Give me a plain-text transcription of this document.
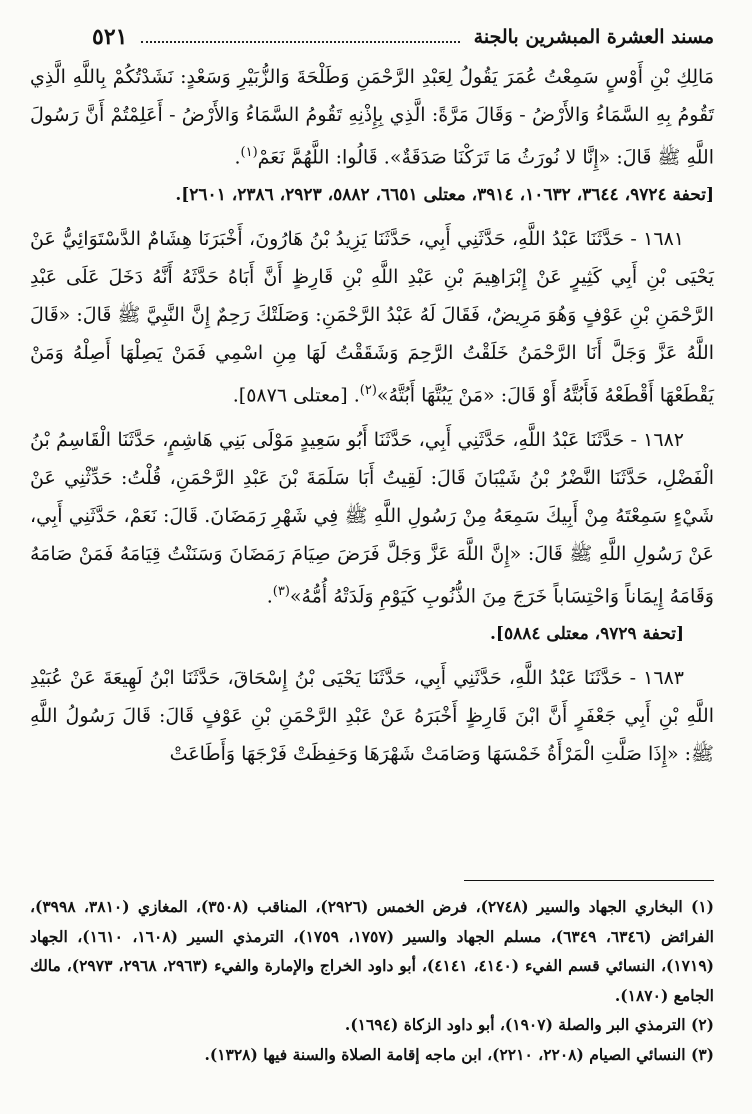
مسند العشرة المبشرين بالجنة
٥٢١

مَالِكِ بْنِ أَوْسٍ سَمِعْتُ عُمَرَ يَقُولُ لِعَبْدِ الرَّحْمَنِ وَطَلْحَةَ وَالزُّبَيْرِ وَسَعْدٍ: نَشَدْتُكُمْ بِاللَّهِ الَّذِي تَقُومُ بِهِ السَّمَاءُ وَالأَرْضُ - وَقَالَ مَرَّةً: الَّذِي بِإِذْنِهِ تَقُومُ السَّمَاءُ وَالأَرْضُ - أَعَلِمْتُمْ أَنَّ رَسُولَ اللَّهِ ﷺ قَالَ: «إِنَّا لا نُورَثُ مَا تَرَكْنَا صَدَقَةٌ». قَالُوا: اللَّهُمَّ نَعَمْ$^{(١)}$.
[تحفة ٩٧٢٤، ٣٦٤٤، ١٠٦٣٢، ٣٩١٤، معتلى ٦٦٥١، ٥٨٨٢، ٢٩٢٣، ٢٣٨٦، ٢٦٠١].

١٦٨١ - حَدَّثَنَا عَبْدُ اللَّهِ، حَدَّثَنِي أَبِي، حَدَّثَنَا يَزِيدُ بْنُ هَارُونَ، أَخْبَرَنَا هِشَامٌ الدَّسْتَوَائِيُّ عَنْ يَحْيَى بْنِ أَبِي كَثِيرٍ عَنْ إِبْرَاهِيمَ بْنِ عَبْدِ اللَّهِ بْنِ قَارِظٍ أَنَّ أَبَاهُ حَدَّثَهُ أَنَّهُ دَخَلَ عَلَى عَبْدِ الرَّحْمَنِ بْنِ عَوْفٍ وَهُوَ مَرِيضٌ، فَقَالَ لَهُ عَبْدُ الرَّحْمَنِ: وَصَلَتْكَ رَحِمٌ إِنَّ النَّبِيَّ ﷺ قَالَ: «قَالَ اللَّهُ عَزَّ وَجَلَّ أَنَا الرَّحْمَنُ خَلَقْتُ الرَّحِمَ وَشَقَقْتُ لَهَا مِنِ اسْمِي فَمَنْ يَصِلْهَا أَصِلْهُ وَمَنْ يَقْطَعْهَا أَقْطَعْهُ فَأَبُتَّهُ أَوْ قَالَ: «مَنْ يَبُتَّهَا أَبُتَّهُ»$^{(٢)}$. [معتلى ٥٨٧٦].

١٦٨٢ - حَدَّثَنَا عَبْدُ اللَّهِ، حَدَّثَنِي أَبِي، حَدَّثَنَا أَبُو سَعِيدٍ مَوْلَى بَنِي هَاشِمٍ، حَدَّثَنَا الْقَاسِمُ بْنُ الْفَضْلِ، حَدَّثَنَا النَّضْرُ بْنُ شَيْبَانَ قَالَ: لَقِيتُ أَبَا سَلَمَةَ بْنَ عَبْدِ الرَّحْمَنِ، قُلْتُ: حَدِّثْنِي عَنْ شَيْءٍ سَمِعْتَهُ مِنْ أَبِيكَ سَمِعَهُ مِنْ رَسُولِ اللَّهِ ﷺ فِي شَهْرِ رَمَضَانَ. قَالَ: نَعَمْ، حَدَّثَنِي أَبِي، عَنْ رَسُولِ اللَّهِ ﷺ قَالَ: «إِنَّ اللَّهَ عَزَّ وَجَلَّ فَرَضَ صِيَامَ رَمَضَانَ وَسَنَنْتُ قِيَامَهُ فَمَنْ صَامَهُ وَقَامَهُ إِيمَاناً وَاحْتِسَاباً خَرَجَ مِنَ الذُّنُوبِ كَيَوْمِ وَلَدَتْهُ أُمُّهُ»$^{(٣)}$.
[تحفة ٩٧٢٩، معتلى ٥٨٨٤].

١٦٨٣ - حَدَّثَنَا عَبْدُ اللَّهِ، حَدَّثَنِي أَبِي، حَدَّثَنَا يَحْيَى بْنُ إِسْحَاقَ، حَدَّثَنَا ابْنُ لَهِيعَةَ عَنْ عُبَيْدِ اللَّهِ بْنِ أَبِي جَعْفَرٍ أَنَّ ابْنَ قَارِظٍ أَخْبَرَهُ عَنْ عَبْدِ الرَّحْمَنِ بْنِ عَوْفٍ قَالَ: قَالَ رَسُولُ اللَّهِ ﷺ: «إِذَا صَلَّتِ الْمَرْأَةُ خَمْسَهَا وَصَامَتْ شَهْرَهَا وَحَفِظَتْ فَرْجَهَا وَأَطَاعَتْ

(١) البخاري الجهاد والسير (٢٧٤٨)، فرض الخمس (٢٩٢٦)، المناقب (٣٥٠٨)، المغازي (٣٨١٠، ٣٩٩٨)، الفرائض (٦٣٤٦، ٦٣٤٩)، مسلم الجهاد والسير (١٧٥٧، ١٧٥٩)، الترمذي السير (١٦٠٨، ١٦١٠)، الجهاد (١٧١٩)، النسائي قسم الفيء (٤١٤٠، ٤١٤١)، أبو داود الخراج والإمارة والفيء (٢٩٦٣، ٢٩٦٨، ٢٩٧٣)، مالك الجامع (١٨٧٠).

(٢) الترمذي البر والصلة (١٩٠٧)، أبو داود الزكاة (١٦٩٤).

(٣) النسائي الصيام (٢٢٠٨، ٢٢١٠)، ابن ماجه إقامة الصلاة والسنة فيها (١٣٢٨).
